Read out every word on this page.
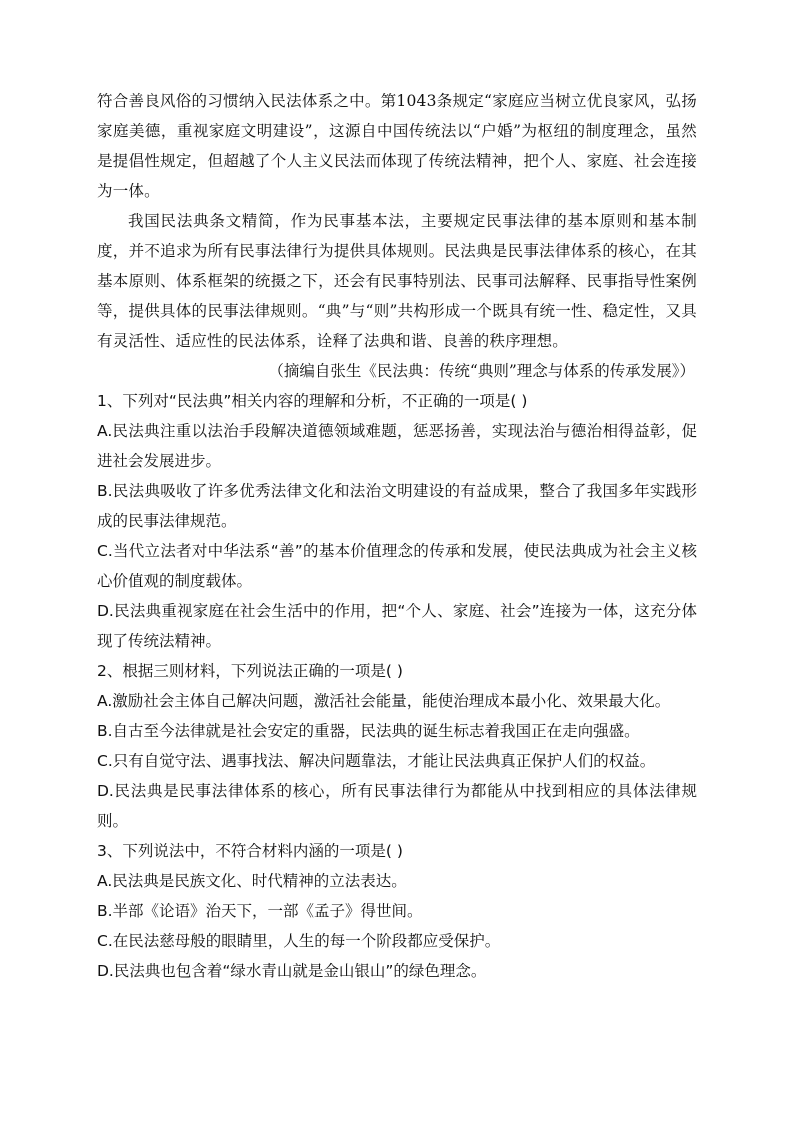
符合善良风俗的习惯纳入民法体系之中。第1043条规定“家庭应当树立优良家风，弘扬家庭美德，重视家庭文明建设”，这源自中国传统法以“户婚”为枢纽的制度理念，虽然是提倡性规定，但超越了个人主义民法而体现了传统法精神，把个人、家庭、社会连接为一体。

我国民法典条文精简，作为民事基本法，主要规定民事法律的基本原则和基本制度，并不追求为所有民事法律行为提供具体规则。民法典是民事法律体系的核心，在其基本原则、体系框架的统摄之下，还会有民事特别法、民事司法解释、民事指导性案例等，提供具体的民事法律规则。“典”与“则”共构形成一个既具有统一性、稳定性，又具有灵活性、适应性的民法体系，诠释了法典和谐、良善的秩序理想。

（摘编自张生《民法典：传统“典则”理念与体系的传承发展》）

1、下列对“民法典”相关内容的理解和分析，不正确的一项是( )

A.民法典注重以法治手段解决道德领域难题，惩恶扬善，实现法治与德治相得益彰，促进社会发展进步。

B.民法典吸收了许多优秀法律文化和法治文明建设的有益成果，整合了我国多年实践形成的民事法律规范。

C.当代立法者对中华法系“善”的基本价值理念的传承和发展，使民法典成为社会主义核心价值观的制度载体。

D.民法典重视家庭在社会生活中的作用，把“个人、家庭、社会”连接为一体，这充分体现了传统法精神。

2、根据三则材料，下列说法正确的一项是( )

A.激励社会主体自己解决问题，激活社会能量，能使治理成本最小化、效果最大化。

B.自古至今法律就是社会安定的重器，民法典的诞生标志着我国正在走向强盛。

C.只有自觉守法、遇事找法、解决问题靠法，才能让民法典真正保护人们的权益。

D.民法典是民事法律体系的核心，所有民事法律行为都能从中找到相应的具体法律规则。

3、下列说法中，不符合材料内涵的一项是( )

A.民法典是民族文化、时代精神的立法表达。

B.半部《论语》治天下，一部《孟子》得世间。

C.在民法慈母般的眼睛里，人生的每一个阶段都应受保护。

D.民法典也包含着“绿水青山就是金山银山”的绿色理念。
